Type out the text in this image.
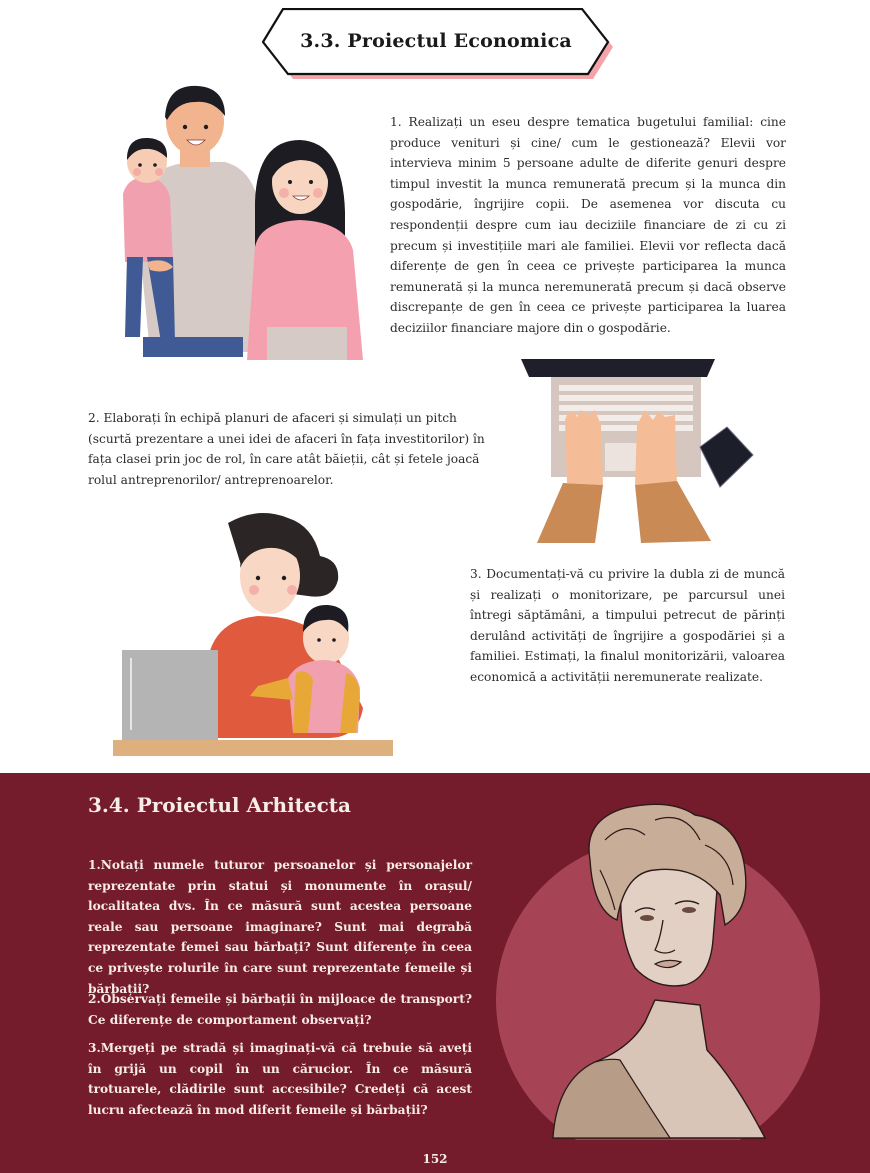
3.3. Proiectul Economica

1. Realizați un eseu despre tematica bugetului familial: cine produce venituri și cine/ cum le gestionează? Elevii vor intervieva minim 5 persoane adulte de diferite genuri despre timpul investit la munca remunerată precum și la munca din gospodărie, îngrijire copii. De asemenea vor discuta cu respondenții despre cum iau deciziile financiare de zi cu zi precum și investițiile mari ale familiei. Elevii vor reflecta dacă diferențe de gen în ceea ce privește participarea la munca remunerată și la munca neremunerată precum și dacă observe discrepanțe de gen în ceea ce privește participarea la luarea deciziilor financiare majore din o gospodărie.

2. Elaborați în echipă planuri de afaceri și simulați un pitch (scurtă prezentare a unei idei de afaceri în fața investitorilor) în fața clasei prin joc de rol, în care atât băieții, cât și fetele joacă rolul antreprenorilor/ antreprenoarelor.

3. Documentați-vă cu privire la dubla zi de muncă și realizați o monitorizare, pe parcursul unei întregi săptămâni, a timpului petrecut de părinți derulând activități de îngrijire a gospodăriei și a familiei. Estimați, la finalul monitorizării, valoarea economică a activității neremunerate realizate.

3.4. Proiectul Arhitecta

1.Notați numele tuturor persoanelor și personajelor reprezentate prin statui și monumente în orașul/ localitatea dvs. În ce măsură sunt acestea persoane reale sau persoane imaginare? Sunt mai degrabă reprezentate femei sau bărbați? Sunt diferențe în ceea ce privește rolurile în care sunt reprezentate femeile și bărbații?

2.Observați femeile și bărbații în mijloace de transport? Ce diferențe de comportament observați?

3.Mergeți pe stradă și imaginați-vă că trebuie să aveți în grijă un copil în un cărucior. În ce măsură trotuarele, clădirile sunt accesibile? Credeți că acest lucru afectează în mod diferit femeile și bărbații?

152
